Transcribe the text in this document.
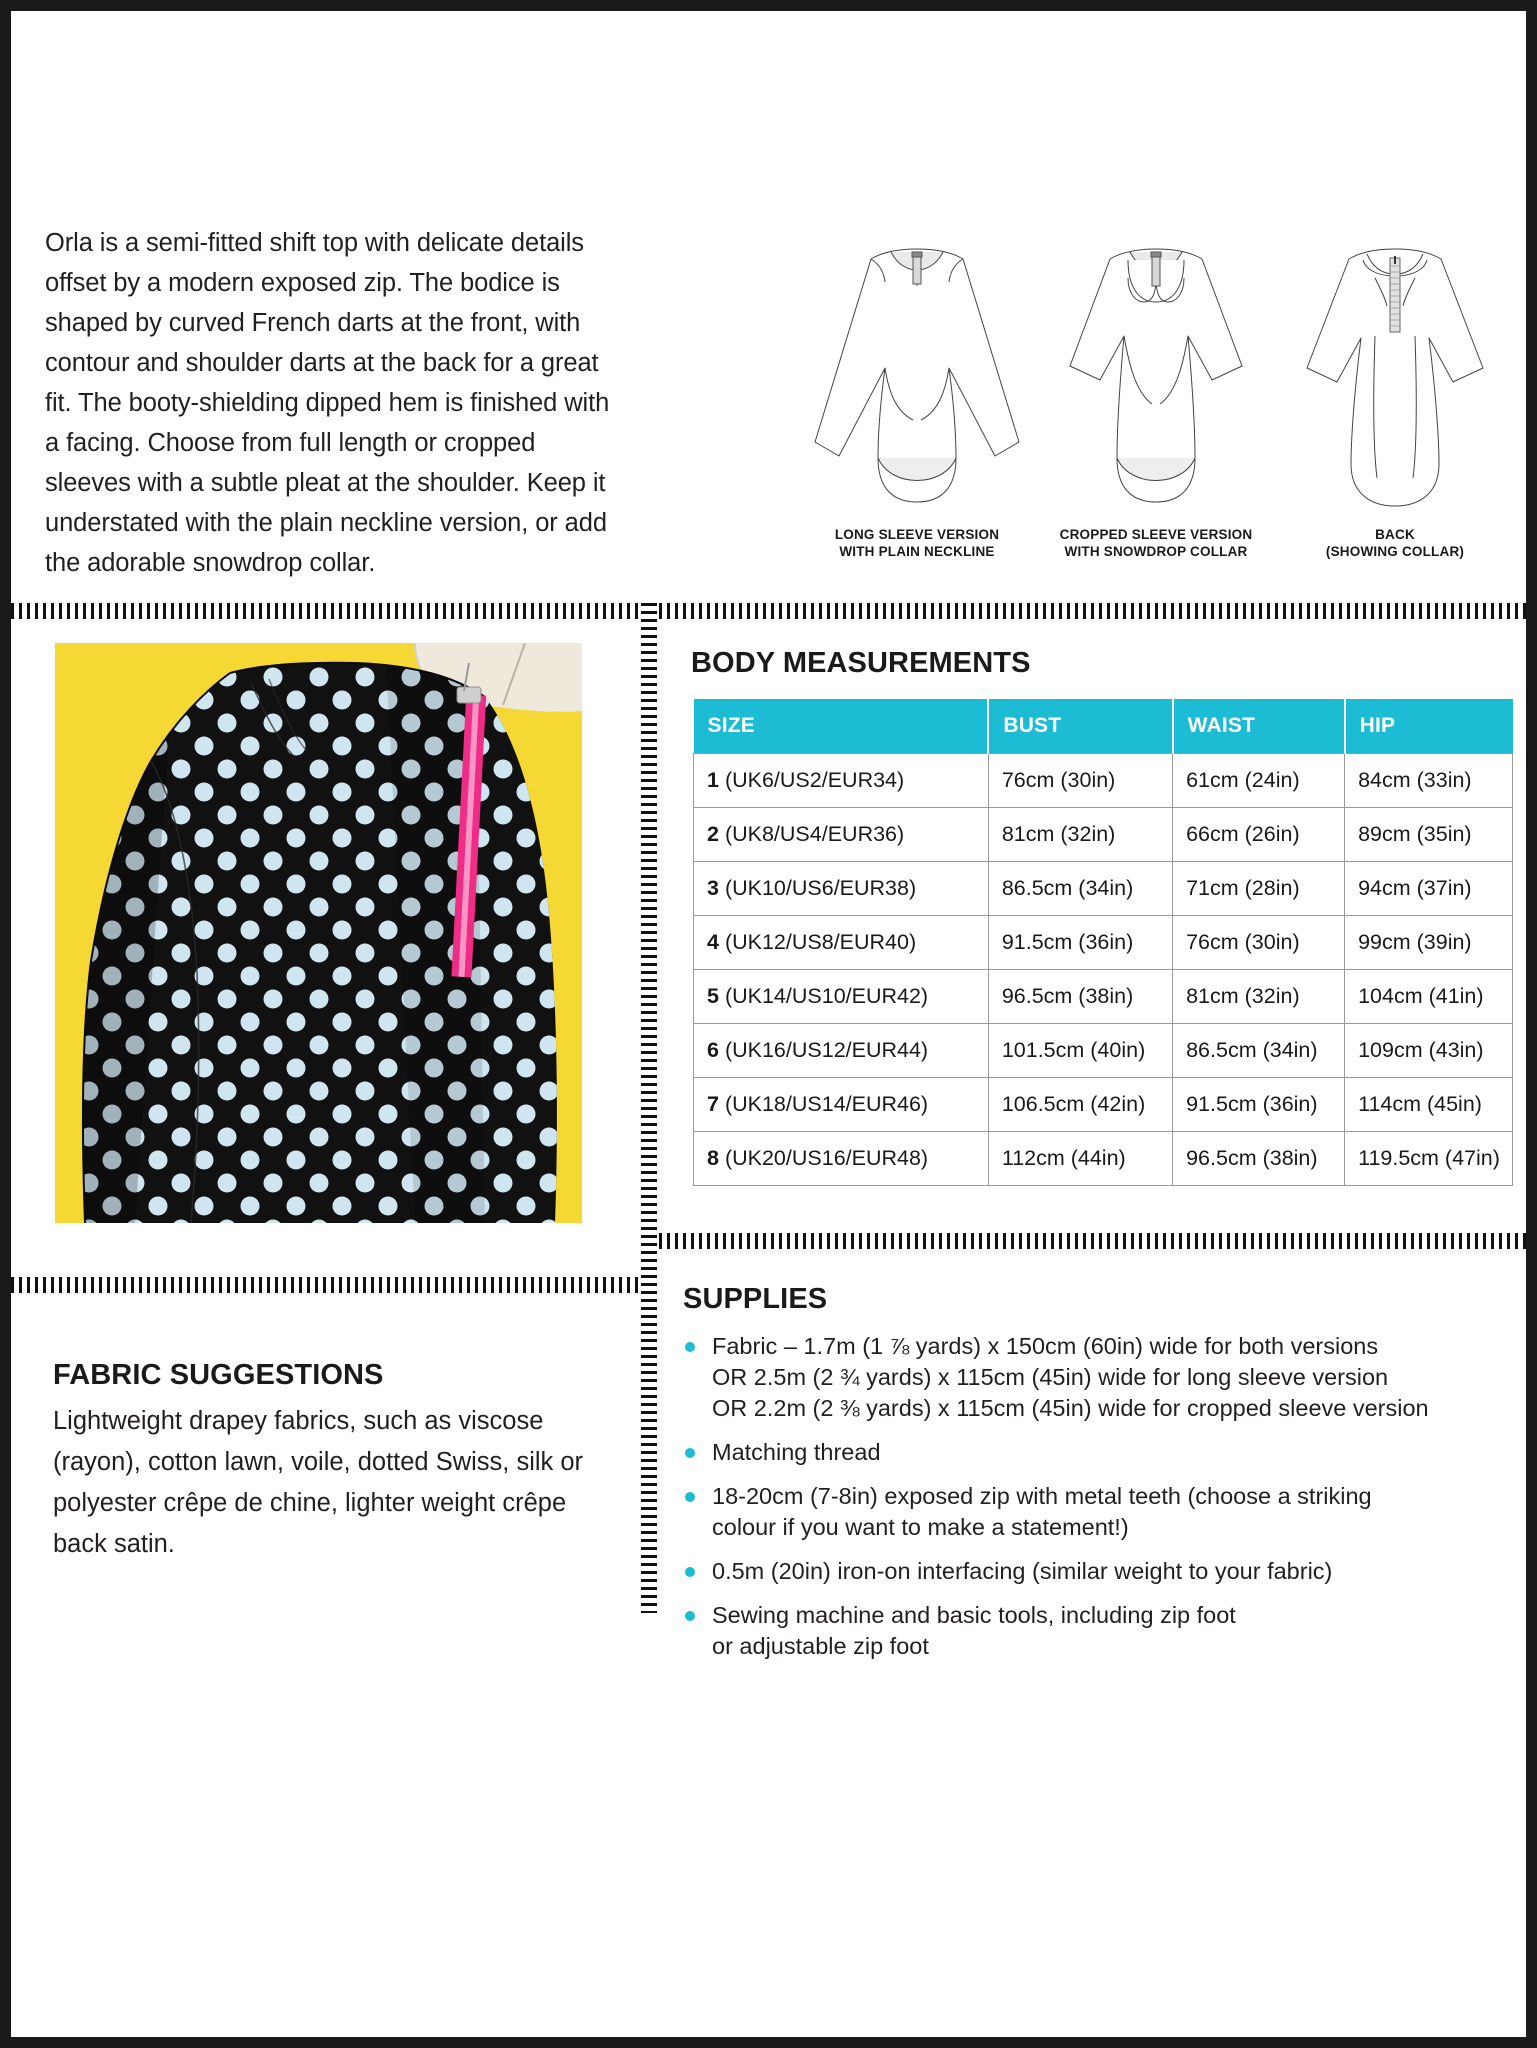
Orla is a semi-fitted shift top with delicate details offset by a modern exposed zip. The bodice is shaped by curved French darts at the front, with contour and shoulder darts at the back for a great fit. The booty-shielding dipped hem is finished with a facing. Choose from full length or cropped sleeves with a subtle pleat at the shoulder. Keep it understated with the plain neckline version, or add the adorable snowdrop collar.
LONG SLEEVE VERSION
WITH PLAIN NECKLINE
CROPPED SLEEVE VERSION
WITH SNOWDROP COLLAR
BACK
(SHOWING COLLAR)
BODY MEASUREMENTS
SIZE	BUST	WAIST	HIP
1 (UK6/US2/EUR34)	76cm (30in)	61cm (24in)	84cm (33in)
2 (UK8/US4/EUR36)	81cm (32in)	66cm (26in)	89cm (35in)
3 (UK10/US6/EUR38)	86.5cm (34in)	71cm (28in)	94cm (37in)
4 (UK12/US8/EUR40)	91.5cm (36in)	76cm (30in)	99cm (39in)
5 (UK14/US10/EUR42)	96.5cm (38in)	81cm (32in)	104cm (41in)
6 (UK16/US12/EUR44)	101.5cm (40in)	86.5cm (34in)	109cm (43in)
7 (UK18/US14/EUR46)	106.5cm (42in)	91.5cm (36in)	114cm (45in)
8 (UK20/US16/EUR48)	112cm (44in)	96.5cm (38in)	119.5cm (47in)
FABRIC SUGGESTIONS
Lightweight drapey fabrics, such as viscose (rayon), cotton lawn, voile, dotted Swiss, silk or polyester crêpe de chine, lighter weight crêpe back satin.
SUPPLIES
Fabric – 1.7m (1 ⅞ yards) x 150cm (60in) wide for both versions
OR 2.5m (2 ¾ yards) x 115cm (45in) wide for long sleeve version
OR 2.2m (2 ⅜ yards) x 115cm (45in) wide for cropped sleeve version
Matching thread
18-20cm (7-8in) exposed zip with metal teeth (choose a striking
colour if you want to make a statement!)
0.5m (20in) iron-on interfacing (similar weight to your fabric)
Sewing machine and basic tools, including zip foot
or adjustable zip foot
